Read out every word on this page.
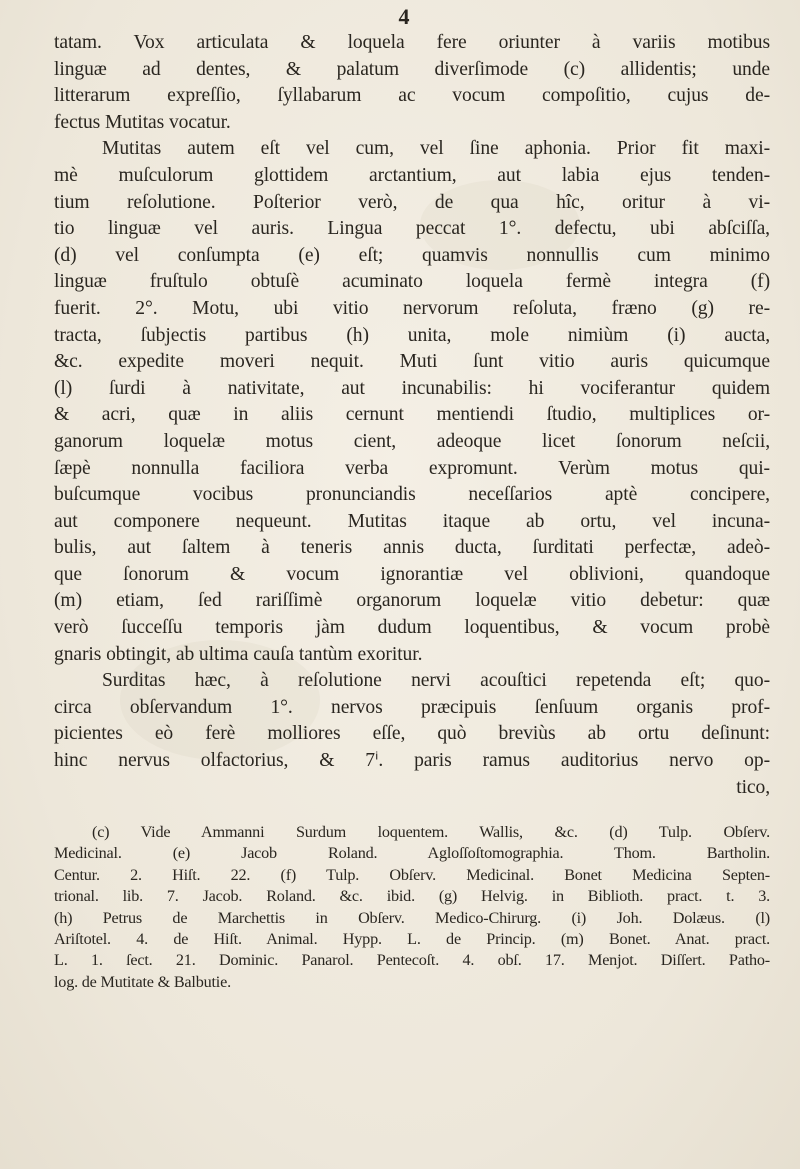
4
tatam. Vox articulata & loquela fere oriunter à variis motibus
linguæ ad dentes, & palatum diverſimode (c) allidentis; unde
litterarum expreſſio, ſyllabarum ac vocum compoſitio, cujus de-
fectus Mutitas vocatur.
Mutitas autem eſt vel cum, vel ſine aphonia. Prior fit maxi-
mè muſculorum glottidem arctantium, aut labia ejus tenden-
tium reſolutione. Poſterior verò, de qua hîc, oritur à vi-
tio linguæ vel auris. Lingua peccat 1°. defectu, ubi abſciſſa,
(d) vel conſumpta (e) eſt; quamvis nonnullis cum minimo
linguæ fruſtulo obtuſè acuminato loquela fermè integra (f)
fuerit. 2°. Motu, ubi vitio nervorum reſoluta, fræno (g) re-
tracta, ſubjectis partibus (h) unita, mole nimiùm (i) aucta,
&c. expedite moveri nequit. Muti ſunt vitio auris quicumque
(l) ſurdi à nativitate, aut incunabilis: hi vociferantur quidem
& acri, quæ in aliis cernunt mentiendi ſtudio, multiplices or-
ganorum loquelæ motus cient, adeoque licet ſonorum neſcii,
ſæpè nonnulla faciliora verba expromunt. Verùm motus qui-
buſcumque vocibus pronunciandis neceſſarios aptè concipere,
aut componere nequeunt. Mutitas itaque ab ortu, vel incuna-
bulis, aut ſaltem à teneris annis ducta, ſurditati perfectæ, adeò-
que ſonorum & vocum ignorantiæ vel oblivioni, quandoque
(m) etiam, ſed rariſſimè organorum loquelæ vitio debetur: quæ
verò ſucceſſu temporis jàm dudum loquentibus, & vocum probè
gnaris obtingit, ab ultima cauſa tantùm exoritur.
Surditas hæc, à reſolutione nervi acouſtici repetenda eſt; quo-
circa obſervandum 1°. nervos præcipuis ſenſuum organis prof-
picientes eò ferè molliores eſſe, quò breviùs ab ortu deſinunt:
hinc nervus olfactorius, & 7ⁱ. paris ramus auditorius nervo op-
tico,
(c) Vide Ammanni Surdum loquentem. Wallis, &c. (d) Tulp. Obſerv.
Medicinal. (e) Jacob Roland. Agloſſoſtomographia. Thom. Bartholin.
Centur. 2. Hiſt. 22. (f) Tulp. Obſerv. Medicinal. Bonet Medicina Septen-
trional. lib. 7. Jacob. Roland. &c. ibid. (g) Helvig. in Biblioth. pract. t. 3.
(h) Petrus de Marchettis in Obſerv. Medico-Chirurg. (i) Joh. Dolæus. (l)
Ariſtotel. 4. de Hiſt. Animal. Hypp. L. de Princip. (m) Bonet. Anat. pract.
L. 1. ſect. 21. Dominic. Panarol. Pentecoſt. 4. obſ. 17. Menjot. Diſſert. Patho-
log. de Mutitate & Balbutie.
